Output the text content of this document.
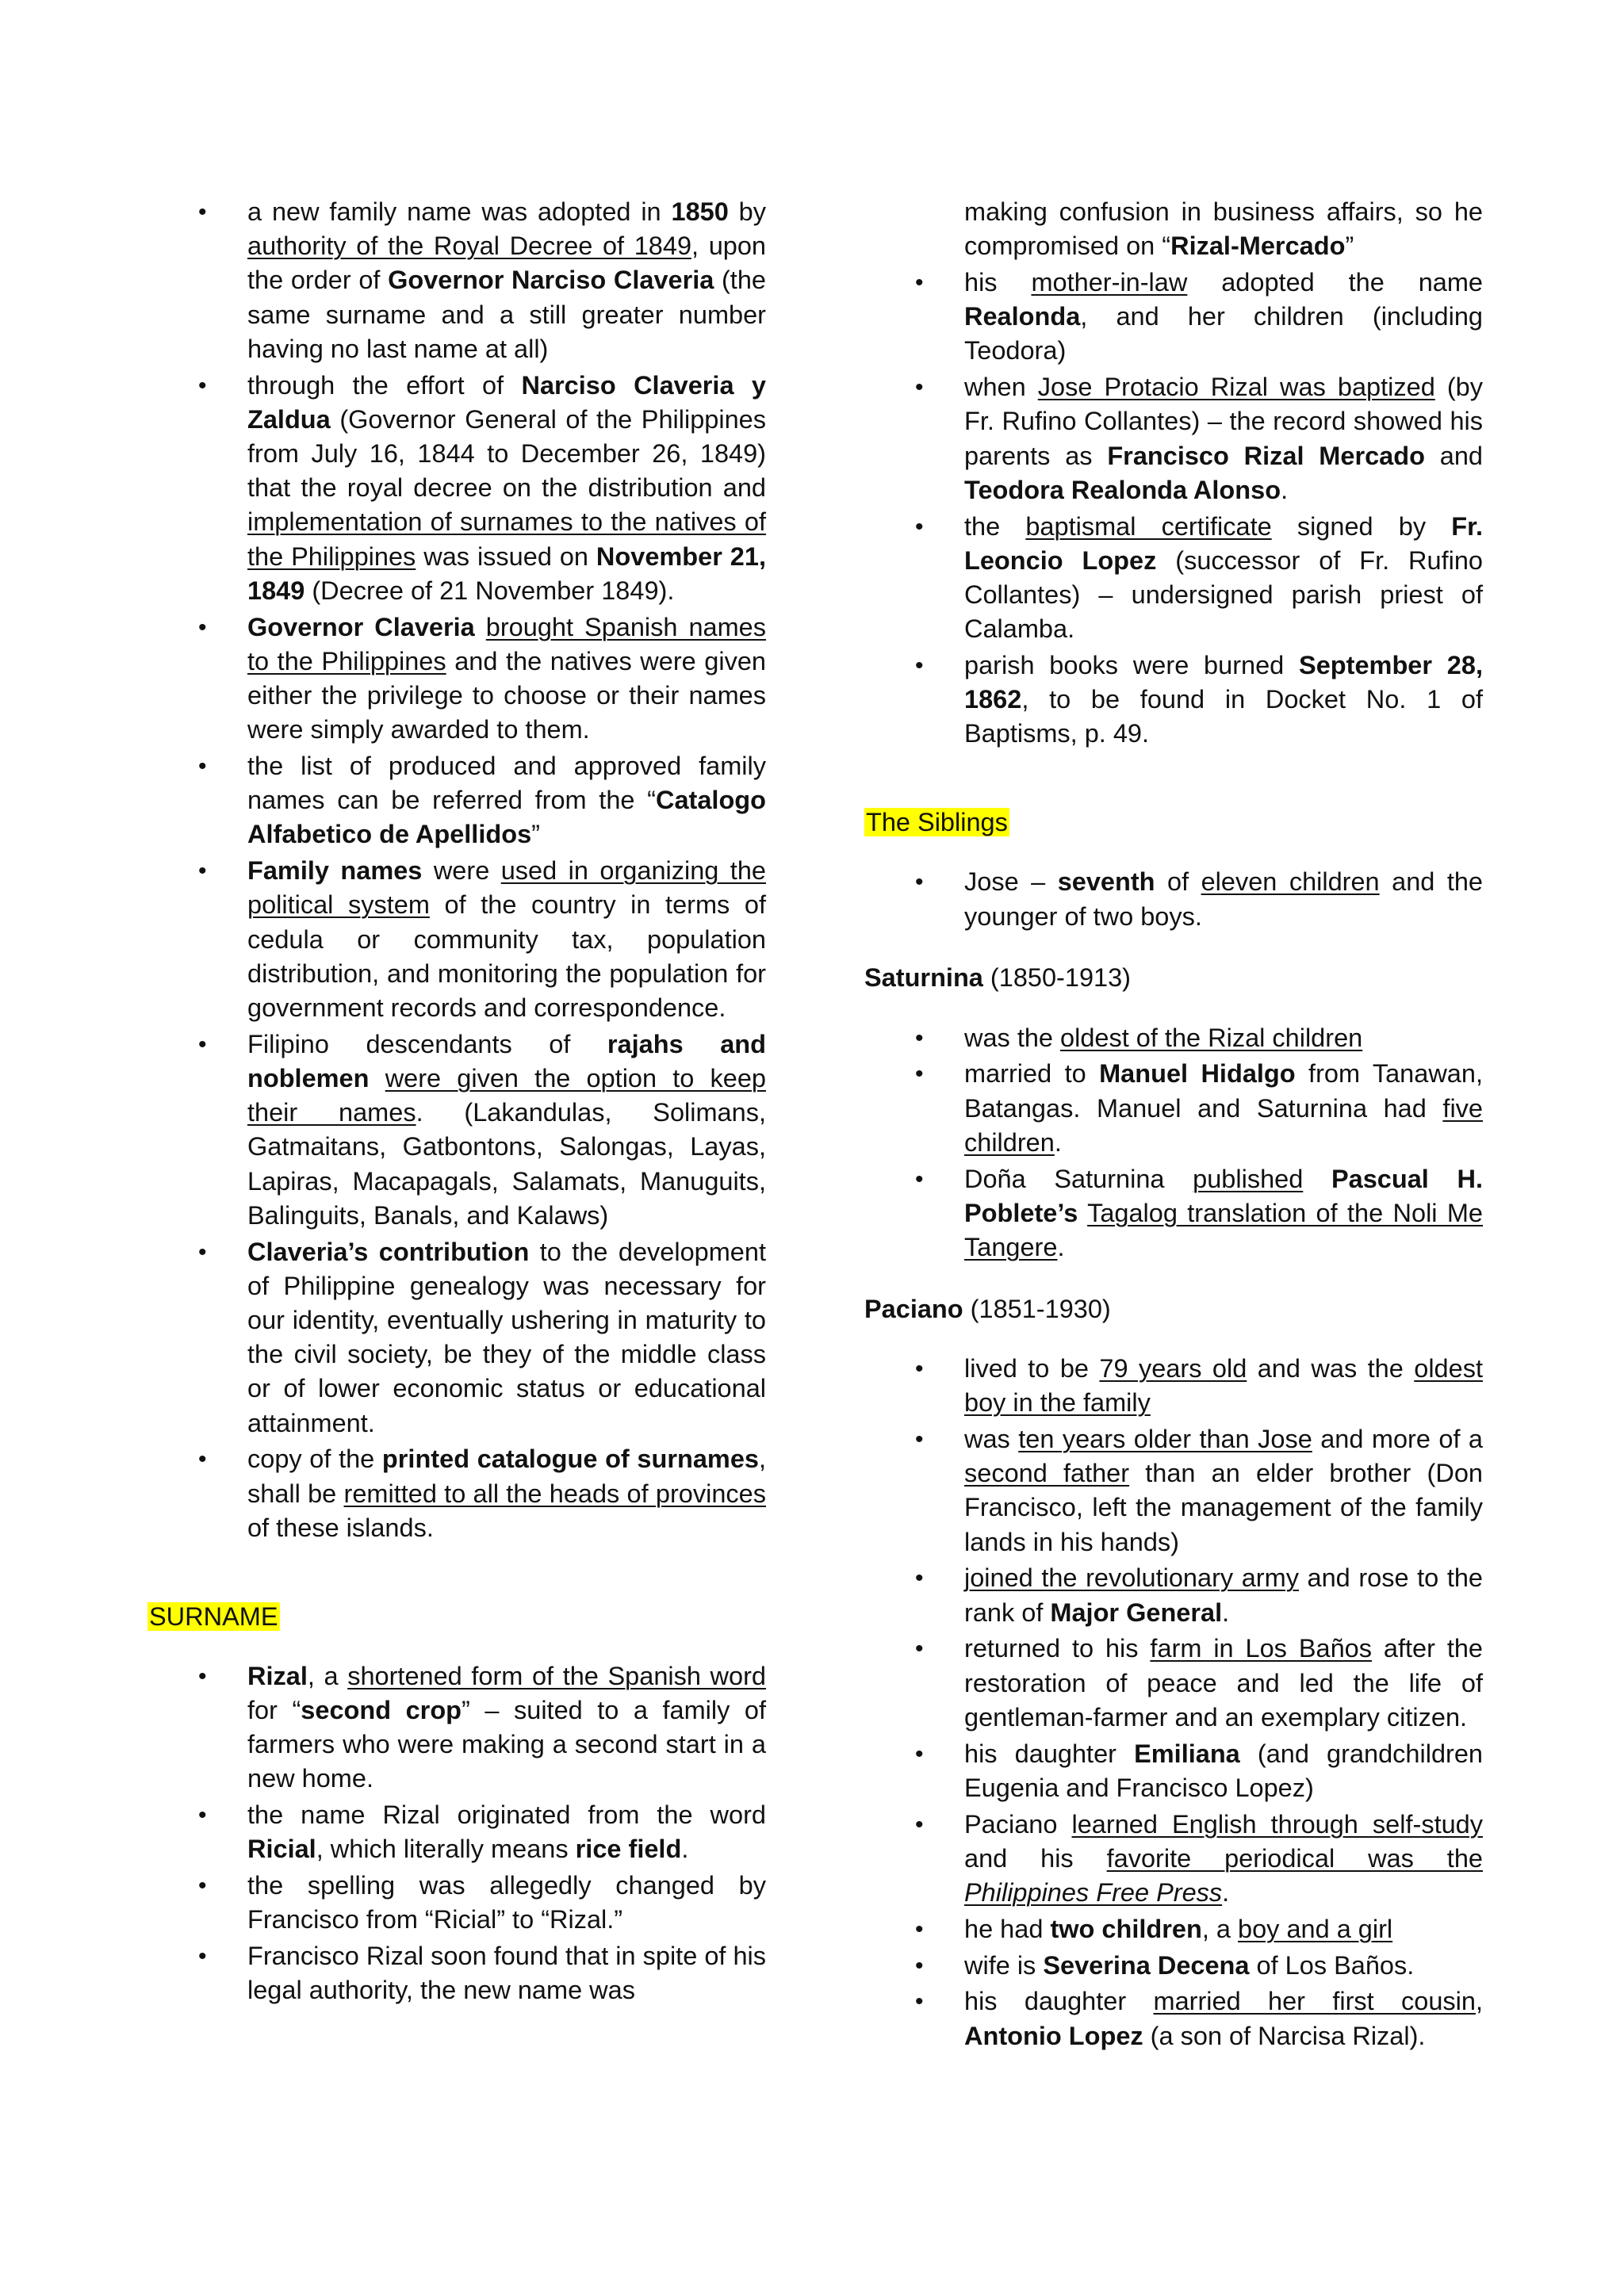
• a new family name was adopted in 1850 by authority of the Royal Decree of 1849, upon the order of Governor Narciso Claveria (the same surname and a still greater number having no last name at all)
• through the effort of Narciso Claveria y Zaldua (Governor General of the Philippines from July 16, 1844 to December 26, 1849) that the royal decree on the distribution and implementation of surnames to the natives of the Philippines was issued on November 21, 1849 (Decree of 21 November 1849).
• Governor Claveria brought Spanish names to the Philippines and the natives were given either the privilege to choose or their names were simply awarded to them.
• the list of produced and approved family names can be referred from the “Catalogo Alfabetico de Apellidos”
• Family names were used in organizing the political system of the country in terms of cedula or community tax, population distribution, and monitoring the population for government records and correspondence.
• Filipino descendants of rajahs and noblemen were given the option to keep their names. (Lakandulas, Solimans, Gatmaitans, Gatbontons, Salongas, Layas, Lapiras, Macapagals, Salamats, Manuguits, Balinguits, Banals, and Kalaws)
• Claveria’s contribution to the development of Philippine genealogy was necessary for our identity, eventually ushering in maturity to the civil society, be they of the middle class or of lower economic status or educational attainment.
• copy of the printed catalogue of surnames, shall be remitted to all the heads of provinces of these islands.

SURNAME

• Rizal, a shortened form of the Spanish word for “second crop” – suited to a family of farmers who were making a second start in a new home.
• the name Rizal originated from the word Ricial, which literally means rice field.
• the spelling was allegedly changed by Francisco from “Ricial” to “Rizal.”
• Francisco Rizal soon found that in spite of his legal authority, the new name was
making confusion in business affairs, so he compromised on “Rizal-Mercado”
• his mother-in-law adopted the name Realonda, and her children (including Teodora)
• when Jose Protacio Rizal was baptized (by Fr. Rufino Collantes) – the record showed his parents as Francisco Rizal Mercado and Teodora Realonda Alonso.
• the baptismal certificate signed by Fr. Leoncio Lopez (successor of Fr. Rufino Collantes) – undersigned parish priest of Calamba.
• parish books were burned September 28, 1862, to be found in Docket No. 1 of Baptisms, p. 49.

The Siblings

• Jose – seventh of eleven children and the younger of two boys.

Saturnina (1850-1913)

• was the oldest of the Rizal children
• married to Manuel Hidalgo from Tanawan, Batangas. Manuel and Saturnina had five children.
• Doña Saturnina published Pascual H. Poblete’s Tagalog translation of the Noli Me Tangere.

Paciano (1851-1930)

• lived to be 79 years old and was the oldest boy in the family
• was ten years older than Jose and more of a second father than an elder brother (Don Francisco, left the management of the family lands in his hands)
• joined the revolutionary army and rose to the rank of Major General.
• returned to his farm in Los Baños after the restoration of peace and led the life of gentleman-farmer and an exemplary citizen.
• his daughter Emiliana (and grandchildren Eugenia and Francisco Lopez)
• Paciano learned English through self-study and his favorite periodical was the Philippines Free Press.
• he had two children, a boy and a girl
• wife is Severina Decena of Los Baños.
• his daughter married her first cousin, Antonio Lopez (a son of Narcisa Rizal).
